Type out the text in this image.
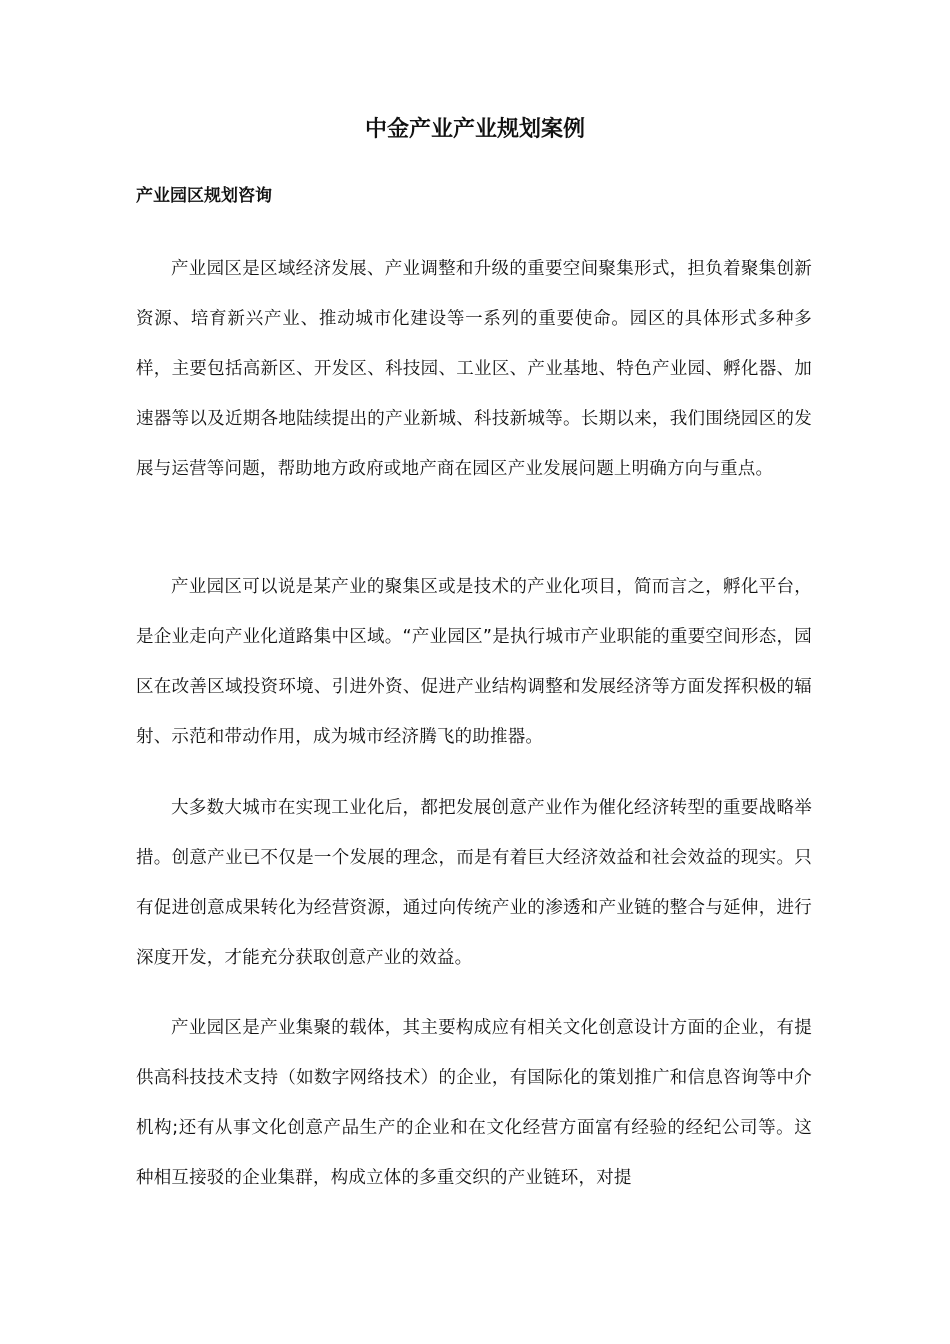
中金产业产业规划案例
产业园区规划咨询

产业园区是区域经济发展、产业调整和升级的重要空间聚集形式，担负着聚集创新资源、培育新兴产业、推动城市化建设等一系列的重要使命。园区的具体形式多种多样，主要包括高新区、开发区、科技园、工业区、产业基地、特色产业园、孵化器、加速器等以及近期各地陆续提出的产业新城、科技新城等。长期以来，我们围绕园区的发展与运营等问题，帮助地方政府或地产商在园区产业发展问题上明确方向与重点。

产业园区可以说是某产业的聚集区或是技术的产业化项目，简而言之，孵化平台，是企业走向产业化道路集中区域。“产业园区”是执行城市产业职能的重要空间形态，园区在改善区域投资环境、引进外资、促进产业结构调整和发展经济等方面发挥积极的辐射、示范和带动作用，成为城市经济腾飞的助推器。

大多数大城市在实现工业化后，都把发展创意产业作为催化经济转型的重要战略举措。创意产业已不仅是一个发展的理念，而是有着巨大经济效益和社会效益的现实。只有促进创意成果转化为经营资源，通过向传统产业的渗透和产业链的整合与延伸，进行深度开发，才能充分获取创意产业的效益。

产业园区是产业集聚的载体，其主要构成应有相关文化创意设计方面的企业，有提供高科技技术支持（如数字网络技术）的企业，有国际化的策划推广和信息咨询等中介机构;还有从事文化创意产品生产的企业和在文化经营方面富有经验的经纪公司等。这种相互接驳的企业集群，构成立体的多重交织的产业链环，对提
